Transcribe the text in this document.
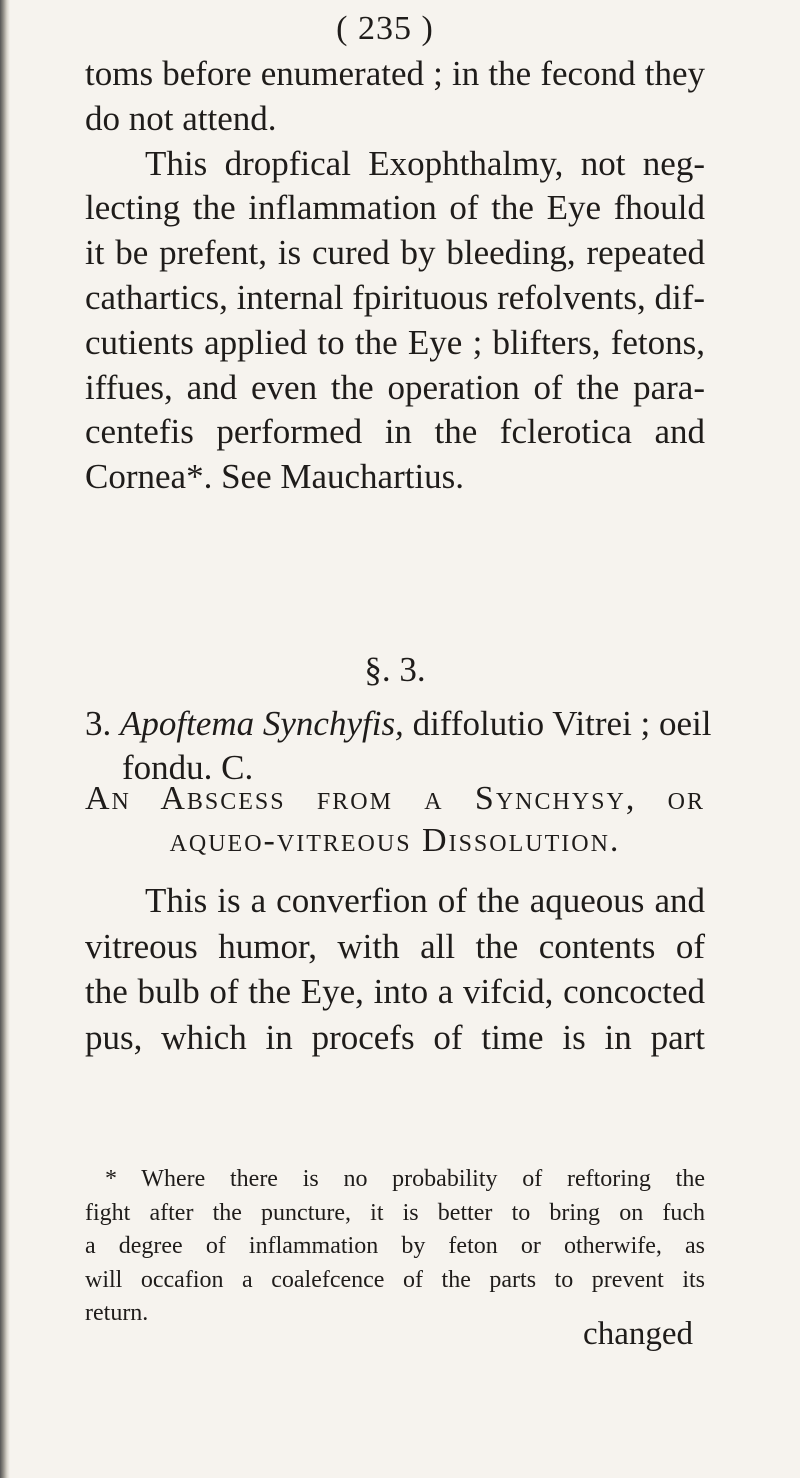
( 235 )
toms before enumerated ; in the fecond they
do not attend.
This dropfical Exophthalmy, not neg-
lecting the inflammation of the Eye fhould
it be prefent, is cured by bleeding, repeated
cathartics, internal fpirituous refolvents, dif-
cutients applied to the Eye ; blifters, fetons,
iffues, and even the operation of the para-
centefis performed in the fclerotica and
Cornea*. See Mauchartius.
§. 3.
3. Apoftema Synchyfis, diffolutio Vitrei ; oeil
fondu. C.
An Abscess from a Synchysy, or
aqueo-vitreous Dissolution.
This is a converfion of the aqueous and
vitreous humor, with all the contents of
the bulb of the Eye, into a vifcid, concocted
pus, which in procefs of time is in part
* Where there is no probability of reftoring the
fight after the puncture, it is better to bring on fuch
a degree of inflammation by feton or otherwife, as
will occafion a coalefcence of the parts to prevent its
return.
changed
